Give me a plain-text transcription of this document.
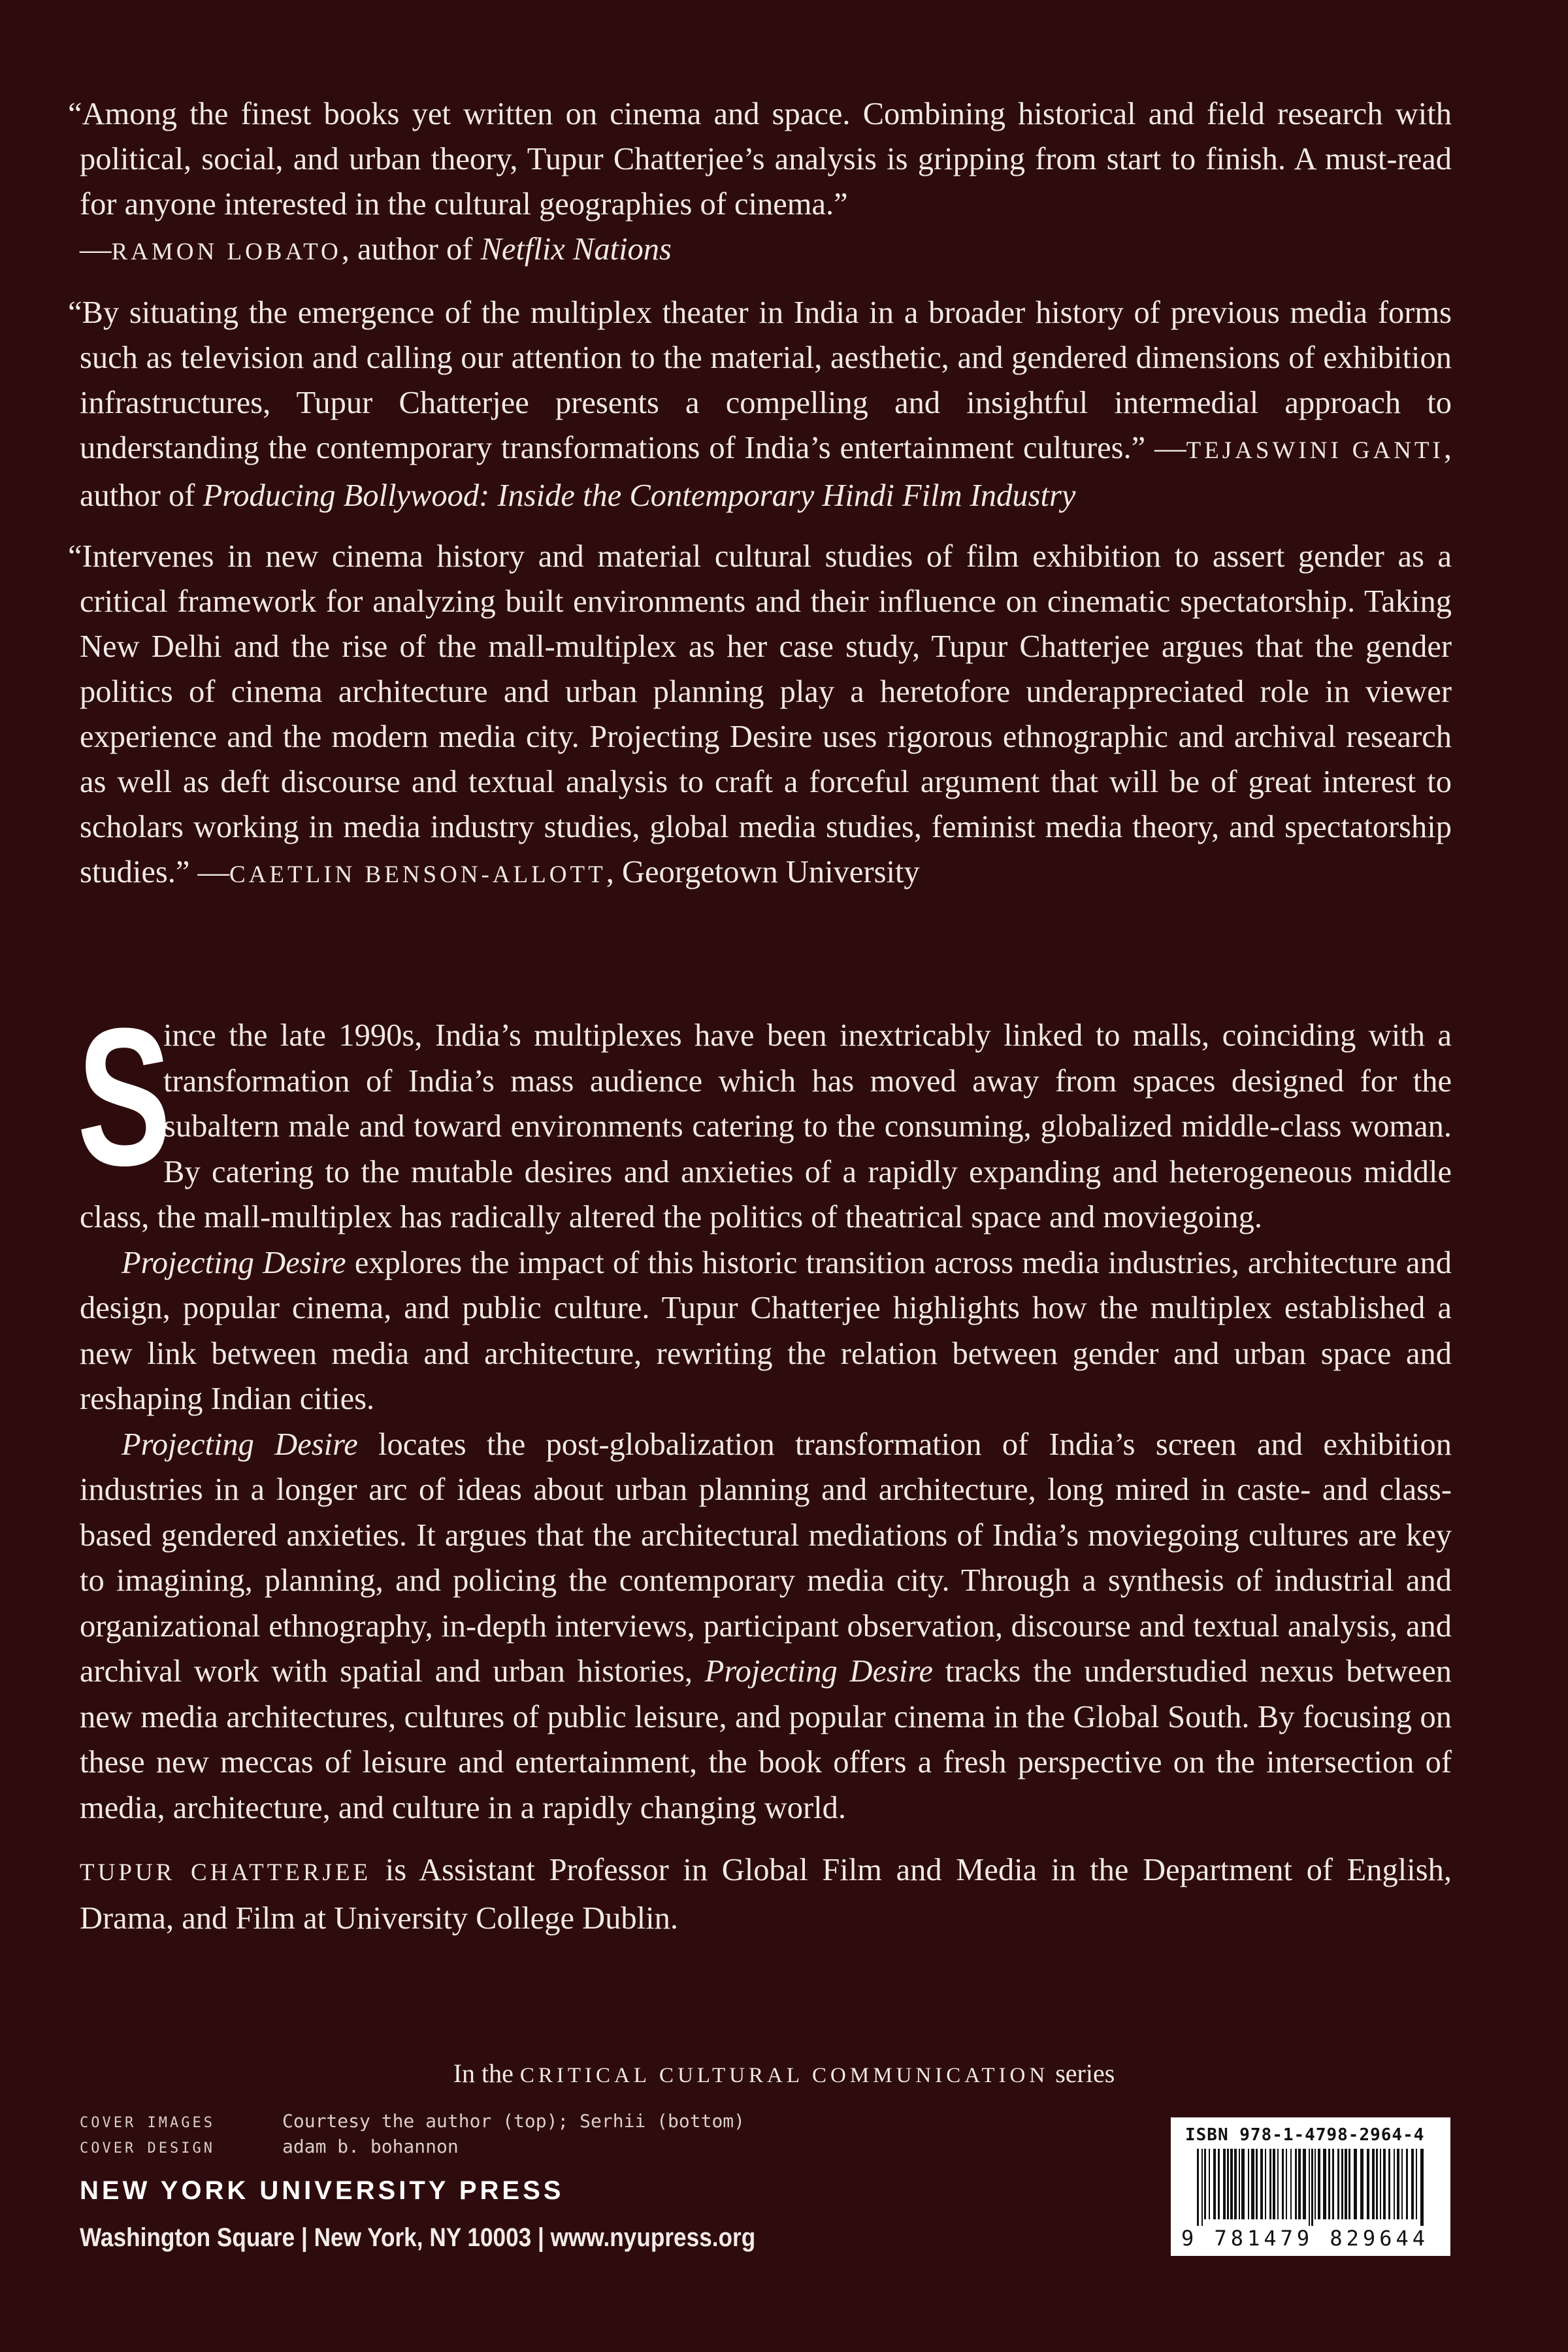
“Among the finest books yet written on cinema and space. Combining historical and field research with political, social, and urban theory, Tupur Chatterjee’s analysis is gripping from start to finish. A must-read for anyone interested in the cultural geographies of cinema.”
—RAMON LOBATO, author of Netflix Nations

“By situating the emergence of the multiplex theater in India in a broader history of previous media forms such as television and calling our attention to the material, aesthetic, and gendered dimensions of exhibition infrastructures, Tupur Chatterjee presents a compelling and insightful intermedial approach to understanding the contemporary transformations of India’s entertainment cultures.” —TEJASWINI GANTI, author of Producing Bollywood: Inside the Contemporary Hindi Film Industry

“Intervenes in new cinema history and material cultural studies of film exhibition to assert gender as a critical framework for analyzing built environments and their influence on cinematic spectatorship. Taking New Delhi and the rise of the mall-multiplex as her case study, Tupur Chatterjee argues that the gender politics of cinema architecture and urban planning play a heretofore underappreciated role in viewer experience and the modern media city. Projecting Desire uses rigorous ethnographic and archival research as well as deft discourse and textual analysis to craft a forceful argument that will be of great interest to scholars working in media industry studies, global media studies, feminist media theory, and spectatorship studies.” —CAETLIN BENSON-ALLOTT, Georgetown University

S
ince the late 1990s, India’s multiplexes have been inextricably linked to malls, coinciding with a transformation of India’s mass audience which has moved away from spaces designed for the subaltern male and toward environments catering to the consuming, globalized middle-class woman. By catering to the mutable desires and anxieties of a rapidly expanding and heterogeneous middle class, the mall-multiplex has radically altered the politics of theatrical space and moviegoing.

Projecting Desire explores the impact of this historic transition across media industries, architecture and design, popular cinema, and public culture. Tupur Chatterjee highlights how the multiplex established a new link between media and architecture, rewriting the relation between gender and urban space and reshaping Indian cities.

Projecting Desire locates the post-globalization transformation of India’s screen and exhibition industries in a longer arc of ideas about urban planning and architecture, long mired in caste- and class-based gendered anxieties. It argues that the architectural mediations of India’s moviegoing cultures are key to imagining, planning, and policing the contemporary media city. Through a synthesis of industrial and organizational ethnography, in-depth interviews, participant observation, discourse and textual analysis, and archival work with spatial and urban histories, Projecting Desire tracks the understudied nexus between new media architectures, cultures of public leisure, and popular cinema in the Global South. By focusing on these new meccas of leisure and entertainment, the book offers a fresh perspective on the intersection of media, architecture, and culture in a rapidly changing world.

TUPUR CHATTERJEE is Assistant Professor in Global Film and Media in the Department of English, Drama, and Film at University College Dublin.

In the CRITICAL CULTURAL COMMUNICATION series
COVER IMAGES	Courtesy the author (top); Serhii (bottom)
COVER DESIGN	adam b. bohannon
NEW YORK UNIVERSITY PRESS
Washington Square | New York, NY 10003 | www.nyupress.org
ISBN 978-1-4798-2964-4
9 781479 829644
